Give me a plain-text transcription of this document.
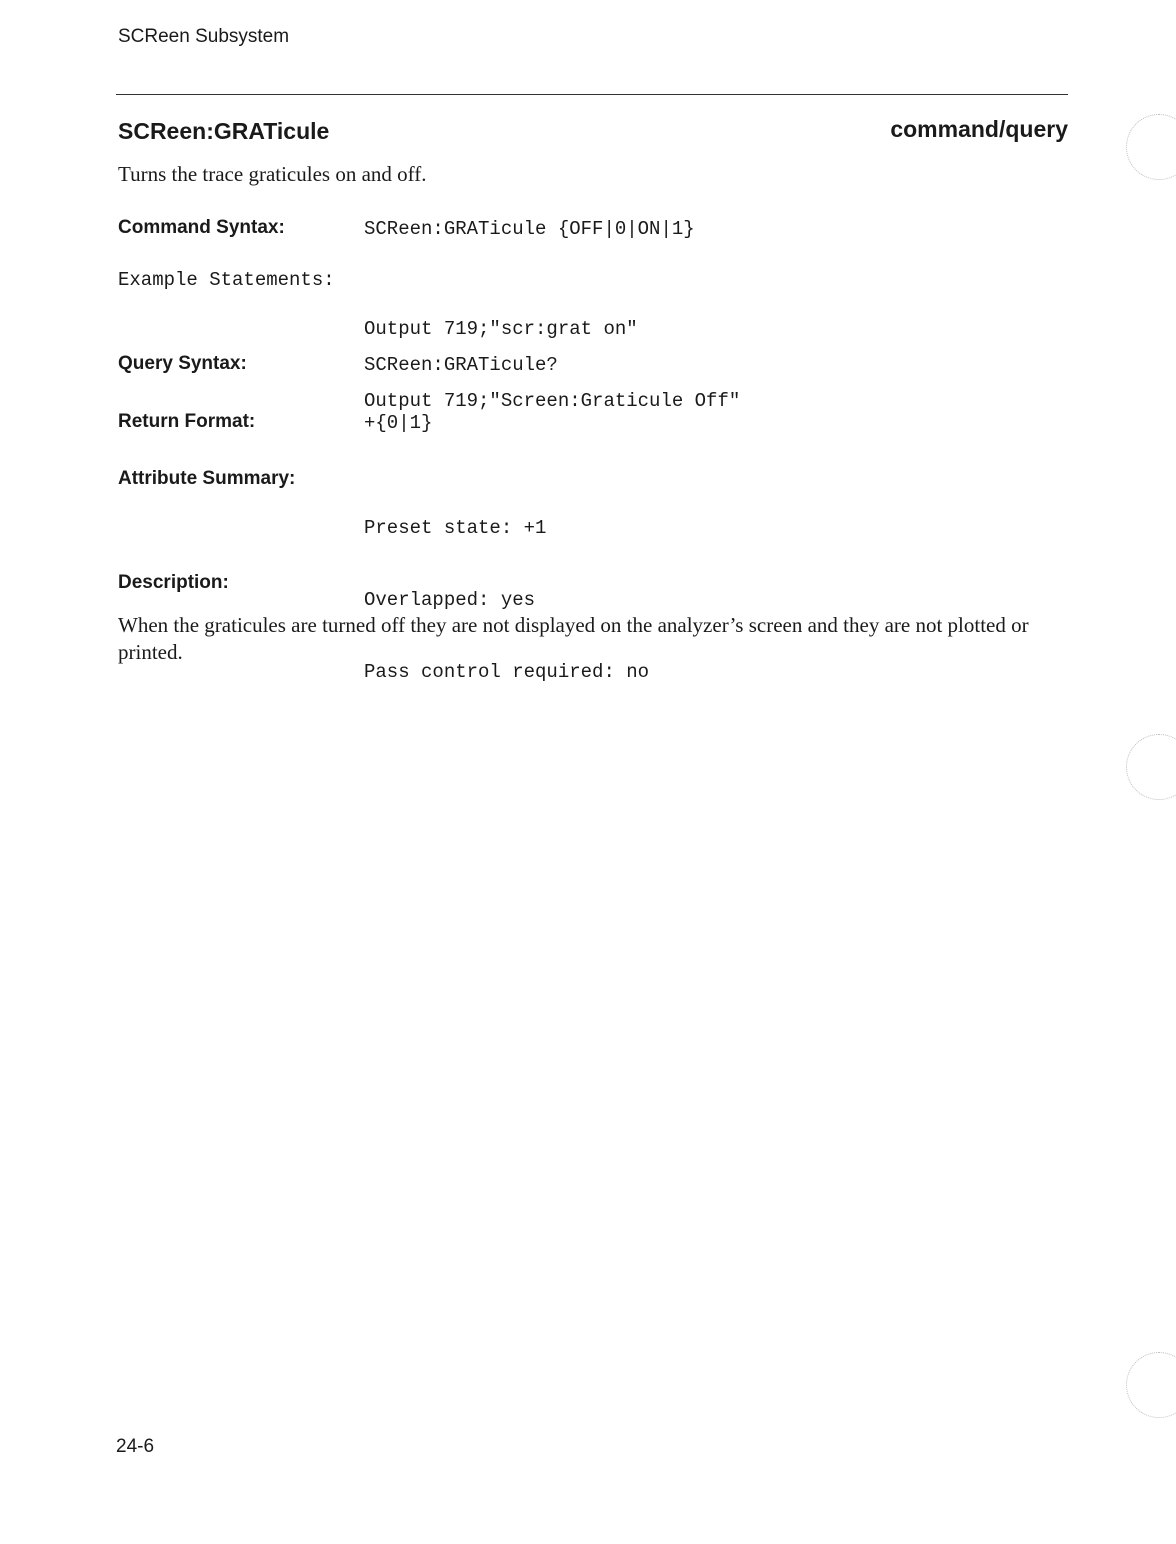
SCReen Subsystem
SCReen:GRATicule	command/query
Turns the trace graticules on and off.
Command Syntax:	SCReen:GRATicule {OFF|0|ON|1}
Example Statements:

Output 719;"scr:grat on"

Output 719;"Screen:Graticule Off"

Query Syntax:	SCReen:GRATicule?
Return Format:	+{0|1}
Attribute Summary:

Preset state: +1

Overlapped: yes

Pass control required: no

Description:
When the graticules are turned off they are not displayed on the analyzer’s screen and they are not plotted or printed.
24-6
